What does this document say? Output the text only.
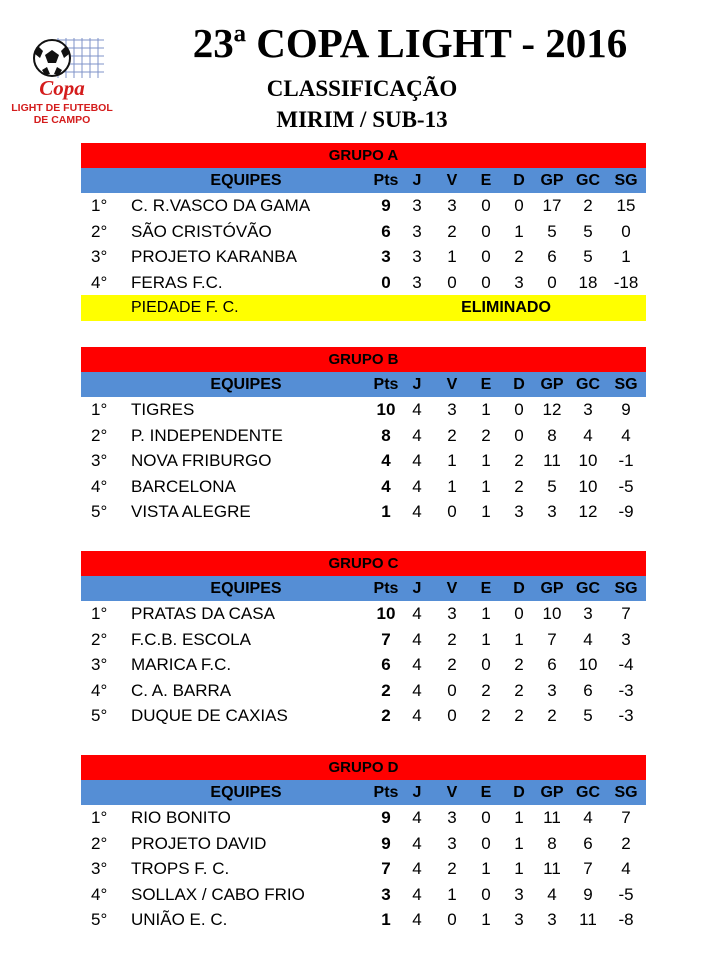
Copa
LIGHT DE FUTEBOL
DE CAMPO
23ª COPA LIGHT - 2016
CLASSIFICAÇÃO
MIRIM / SUB-13
GRUPO A
EQUIPES	Pts J	V	E	D GP GC SG
1°	C. R.VASCO DA GAMA	9	3	3	0	0	17	2	15
2°	SÃO CRISTÓVÃO	6	3	2	0	1	5	5	0
3°	PROJETO KARANBA	3	3	1	0	2	6	5	1
4°	FERAS F.C.	0	3	0	0	3	0	18 -18
PIEDADE F. C.	ELIMINADO
GRUPO B
EQUIPES	Pts J	V	E	D GP GC SG
1°	TIGRES	10 4	3	1	0	12	3	9
2°	P. INDEPENDENTE	8	4	2	2	0	8	4	4
3°	NOVA FRIBURGO	4	4	1	1	2	11	10	-1
4°	BARCELONA	4	4	1	1	2	5	10	-5
5°	VISTA ALEGRE	1	4	0	1	3	3	12	-9
GRUPO C
EQUIPES	Pts J	V	E	D GP GC SG
1°	PRATAS DA CASA	10 4	3	1	0	10	3	7
2°	F.C.B. ESCOLA	7	4	2	1	1	7	4	3
3°	MARICA F.C.	6	4	2	0	2	6	10	-4
4°	C. A. BARRA	2	4	0	2	2	3	6	-3
5°	DUQUE DE CAXIAS	2	4	0	2	2	2	5	-3
GRUPO D
EQUIPES	Pts J	V	E	D GP GC SG
1°	RIO BONITO	9	4	3	0	1	11	4	7
2°	PROJETO DAVID	9	4	3	0	1	8	6	2
3°	TROPS F. C.	7	4	2	1	1	11	7	4
4°	SOLLAX / CABO FRIO	3	4	1	0	3	4	9	-5
5°	UNIÃO E. C.	1	4	0	1	3	3	11	-8
